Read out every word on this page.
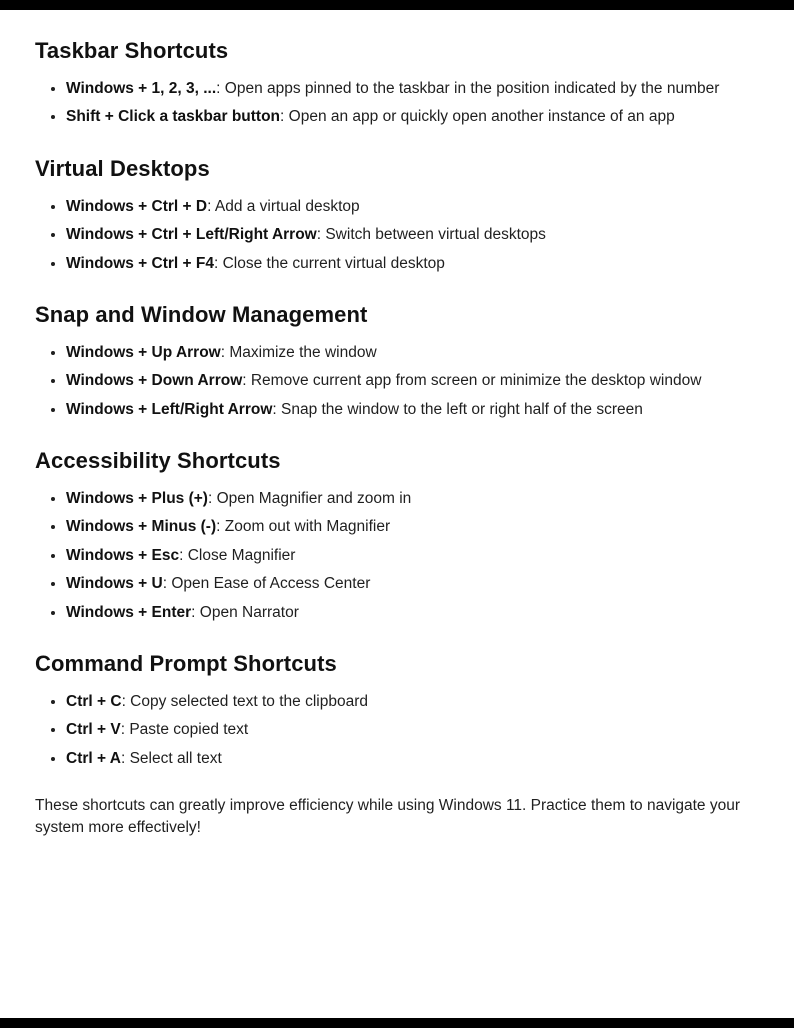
Taskbar Shortcuts
• Windows + 1, 2, 3, ...: Open apps pinned to the taskbar in the position indicated by the number
• Shift + Click a taskbar button: Open an app or quickly open another instance of an app
Virtual Desktops
• Windows + Ctrl + D: Add a virtual desktop
• Windows + Ctrl + Left/Right Arrow: Switch between virtual desktops
• Windows + Ctrl + F4: Close the current virtual desktop
Snap and Window Management
• Windows + Up Arrow: Maximize the window
• Windows + Down Arrow: Remove current app from screen or minimize the desktop window
• Windows + Left/Right Arrow: Snap the window to the left or right half of the screen
Accessibility Shortcuts
• Windows + Plus (+): Open Magnifier and zoom in
• Windows + Minus (-): Zoom out with Magnifier
• Windows + Esc: Close Magnifier
• Windows + U: Open Ease of Access Center
• Windows + Enter: Open Narrator
Command Prompt Shortcuts
• Ctrl + C: Copy selected text to the clipboard
• Ctrl + V: Paste copied text
• Ctrl + A: Select all text

These shortcuts can greatly improve efficiency while using Windows 11. Practice them to navigate your system more effectively!
